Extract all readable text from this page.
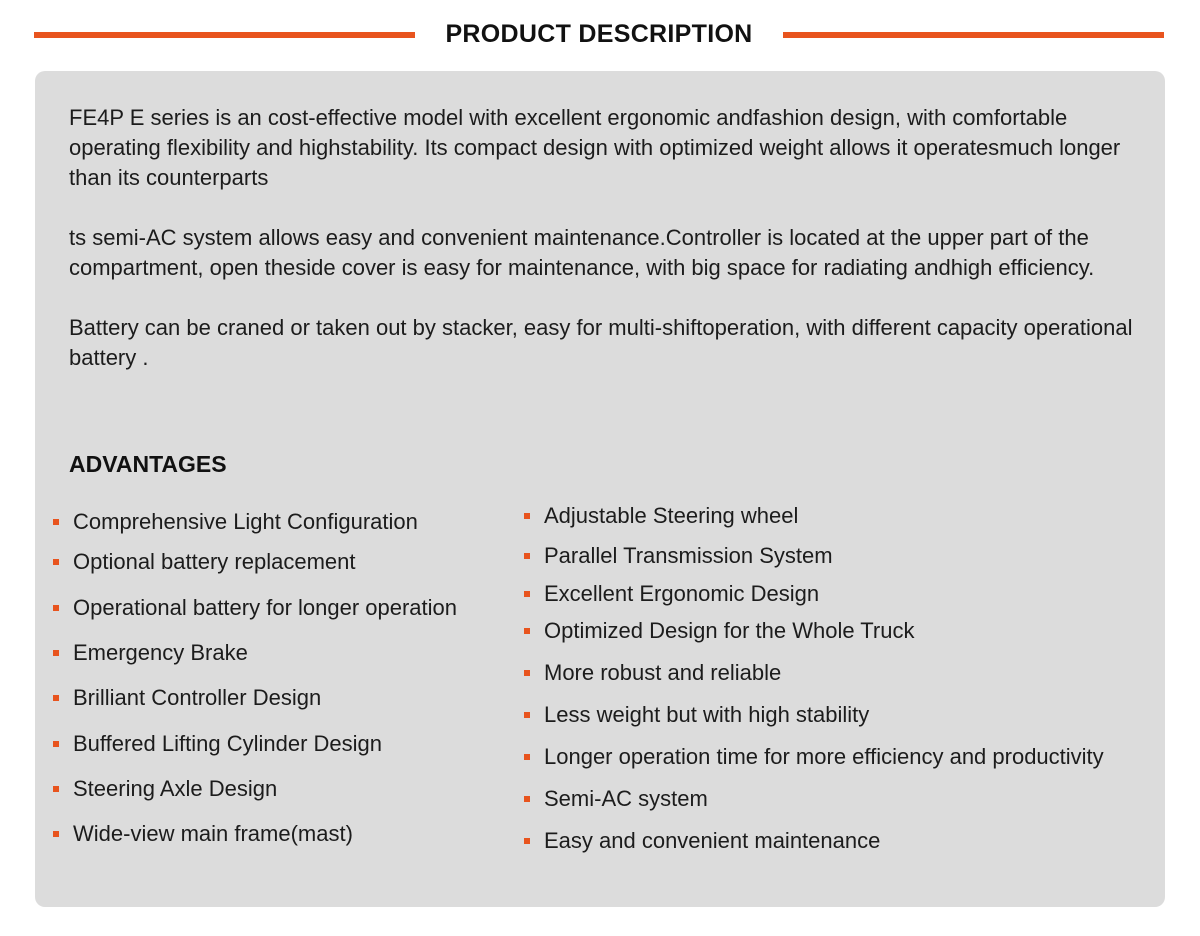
PRODUCT DESCRIPTION

FE4P E series is an cost-effective model with excellent ergonomic andfashion design, with comfortable operating flexibility and highstability. Its compact design with optimized weight allows it operatesmuch longer than its counterparts

ts semi-AC system allows easy and convenient maintenance.Controller is located at the upper part of the compartment, open theside cover is easy for maintenance, with big space for radiating andhigh efficiency.

Battery can be craned or taken out by stacker, easy for multi-shiftoperation, with different capacity operational battery .

ADVANTAGES
Comprehensive Light Configuration
Optional battery replacement
Operational battery for longer operation
Emergency Brake
Brilliant Controller Design
Buffered Lifting Cylinder Design
Steering Axle Design
Wide-view main frame(mast)
Adjustable Steering wheel
Parallel Transmission System
Excellent Ergonomic Design
Optimized Design for the Whole Truck
More robust and reliable
Less weight but with high stability
Longer operation time for more efficiency and productivity
Semi-AC system
Easy and convenient maintenance
